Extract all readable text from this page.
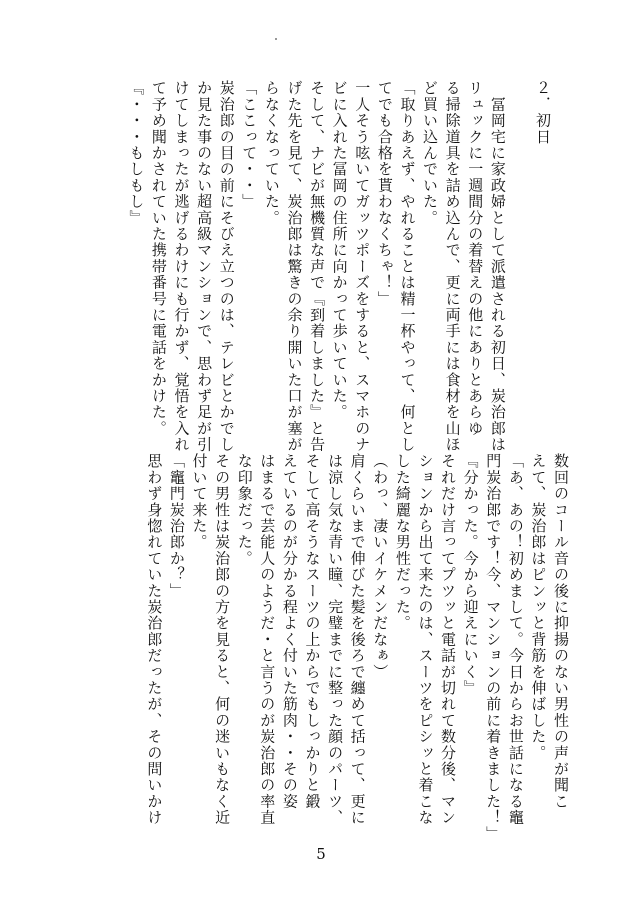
２．初日

　冨岡宅に家政婦として派遣される初日、炭治郎は
リュックに一週間分の着替えの他にありとあらゆ
る掃除道具を詰め込んで、更に両手には食材を山ほ
ど買い込んでいた。
「取りあえず、やれることは精一杯やって、何とし
てでも合格を貰わなくちゃ！」
一人そう呟いてガッツポーズをすると、スマホのナ
ビに入れた冨岡の住所に向かって歩いていた。
そして、ナビが無機質な声で『到着しました』と告
げた先を見て、炭治郎は驚きの余り開いた口が塞が
らなくなっていた。
「ここって・・」
炭治郎の目の前にそびえ立つのは、テレビとかでし
か見た事のない超高級マンションで、思わず足が引
けてしまったが逃げるわけにも行かず、覚悟を入れ
て予め聞かされていた携帯番号に電話をかけた。
『・・・もしもし』
数回のコール音の後に抑揚のない男性の声が聞こ
えて、炭治郎はピンッと背筋を伸ばした。
「あ、あの！初めまして。今日からお世話になる竈
門炭治郎です！今、マンションの前に着きました！」
『分かった。今から迎えにいく』
それだけ言ってプツッと電話が切れて数分後、マン
ションから出て来たのは、スーツをピシッと着こな
した綺麗な男性だった。
（わっ、凄いイケメンだなぁ）
肩くらいまで伸びた髪を後ろで纏めて括って、更に
は涼し気な青い瞳、完璧までに整った顔のパーツ、
そして高そうなスーツの上からでもしっかりと鍛
えているのが分かる程よく付いた筋肉・・その姿
はまるで芸能人のようだ・と言うのが炭治郎の率直
な印象だった。
その男性は炭治郎の方を見ると、何の迷いもなく近
付いて来た。
「竈門炭治郎か？」
思わず身惚れていた炭治郎だったが、その問いかけ
5
